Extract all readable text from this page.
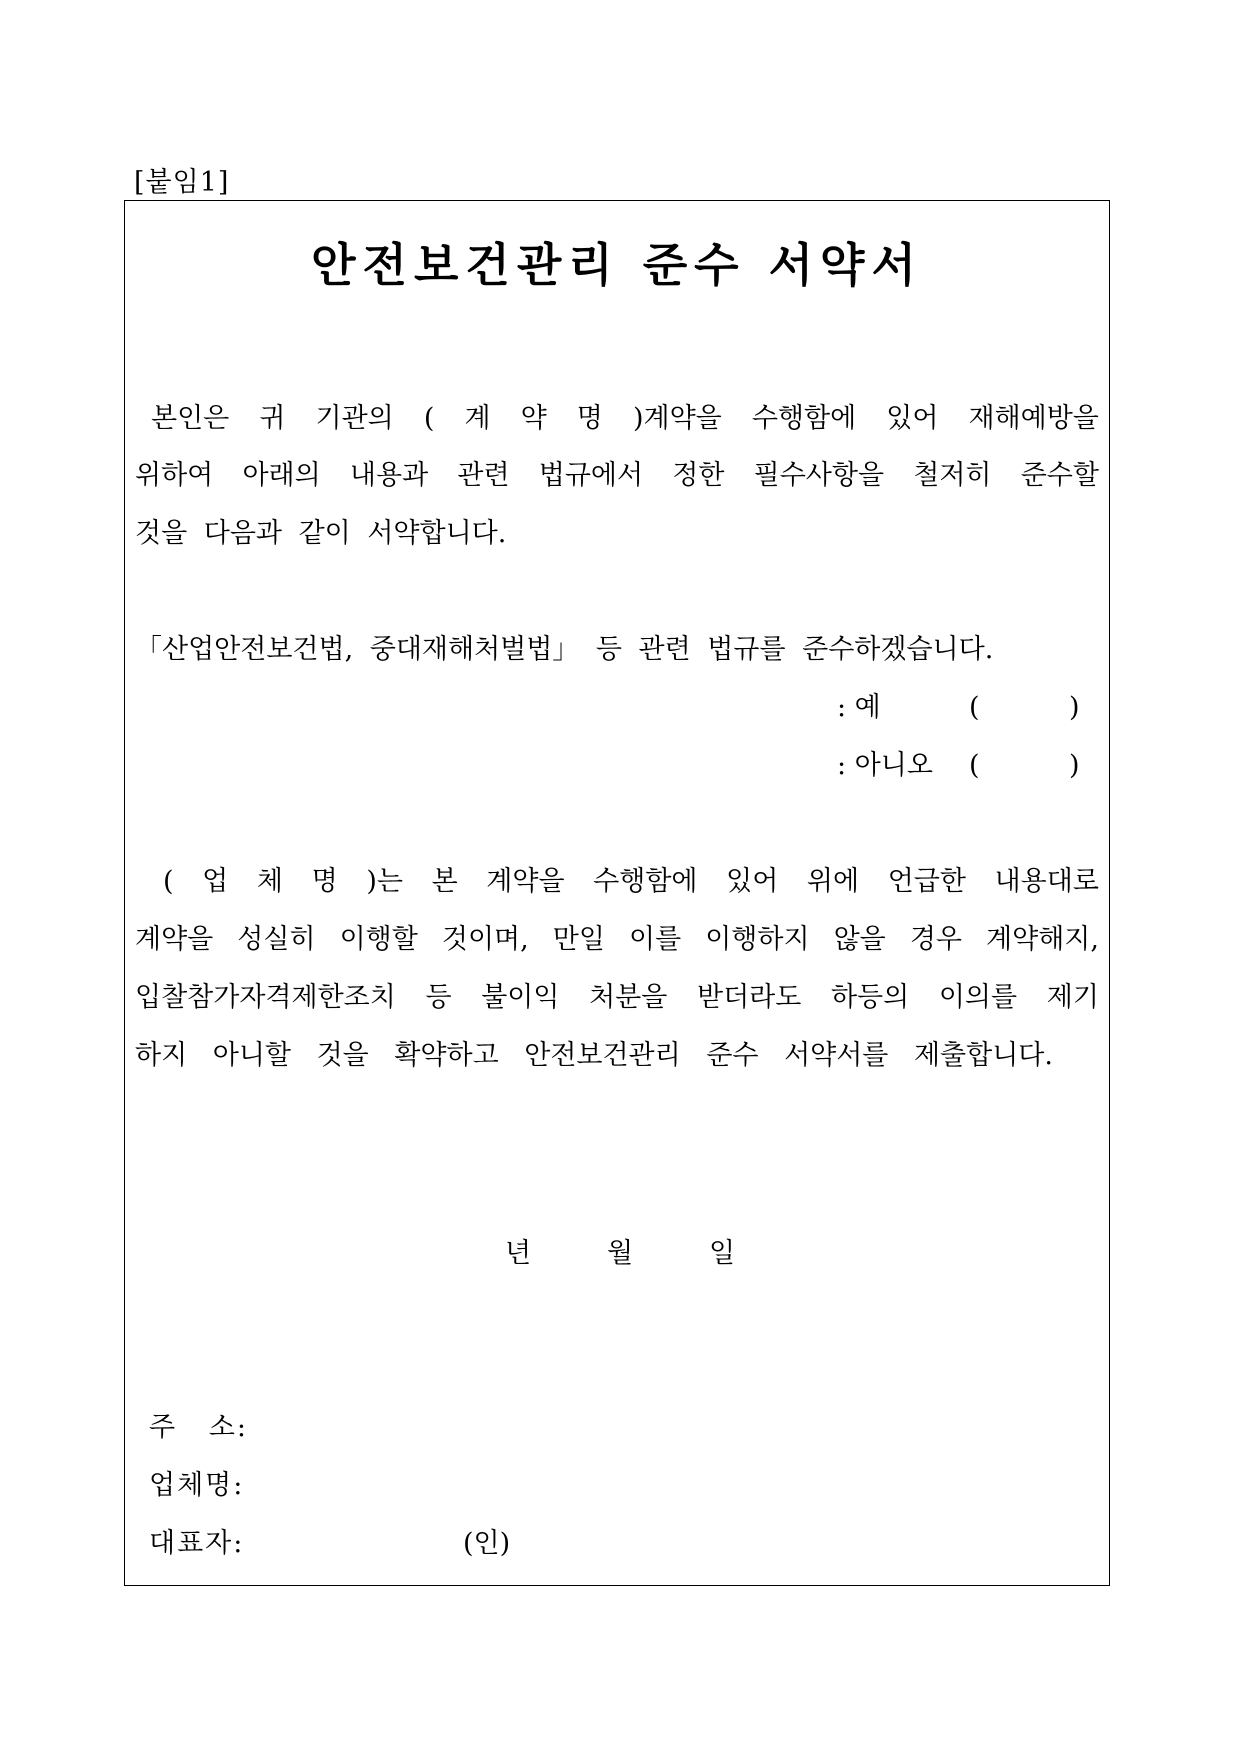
[붙임1]
안전보건관리 준수 서약서
본인은 귀 기관의 ( 계 약 명 )계약을 수행함에 있어 재해예방을
위하여 아래의 내용과 관련 법규에서 정한 필수사항을 철저히 준수할
것을 다음과 같이 서약합니다.
「산업안전보건법, 중대재해처벌법」 등 관련 법규를 준수하겠습니다.
: 예	(	)
: 아니오 (	)
( 업 체 명 )는 본 계약을 수행함에 있어 위에 언급한 내용대로
계약을 성실히 이행할 것이며, 만일 이를 이행하지 않을 경우 계약해지,
입찰참가자격제한조치 등 불이익 처분을 받더라도 하등의 이의를 제기
하지 아니할 것을 확약하고 안전보건관리 준수 서약서를 제출합니다.
년	월	일
주   소:
업체명:
대표자:	(인)
